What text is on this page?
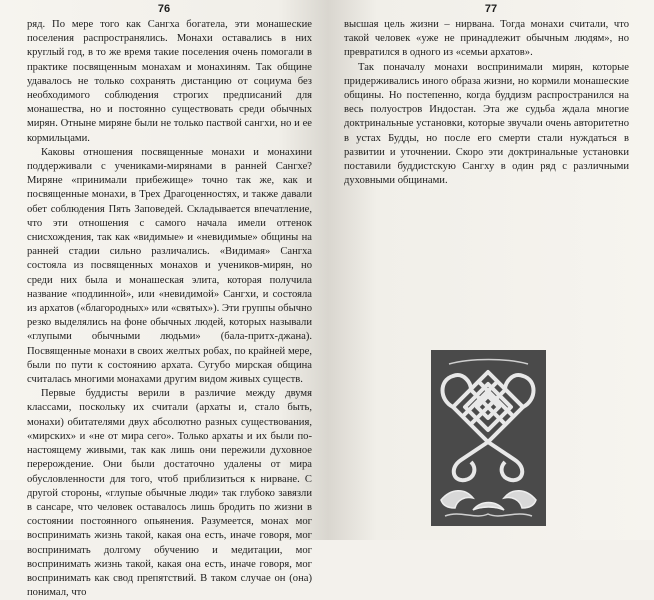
76

ряд. По мере того как Сангха богатела, эти монашеские поселения распространялись. Монахи оставались в них круглый год, в то же время такие поселения очень помогали в практике посвященным монахам и монахиням. Так общине удавалось не только сохранять дистанцию от социума без необходимого соблюдения строгих предписаний для монашества, но и постоянно существовать среди обычных мирян. Отныне миряне были не только паствой сангхи, но и ее кормильцами.

Каковы отношения посвященные монахи и монахини поддерживали с учениками-мирянами в ранней Сангхе? Миряне «принимали прибежище» точно так же, как и посвященные монахи, в Трех Драгоценностях, и также давали обет соблюдения Пять Заповедей. Складывается впечатление, что эти отношения с самого начала имели оттенок снисхождения, так как «видимые» и «невидимые» общины на ранней стадии сильно различались. «Видимая» Сангха состояла из посвященных монахов и учеников-мирян, но среди них была и монашеская элита, которая получила название «подлинной», или «невидимой» Сангхи, и состояла из архатов («благородных» или «святых»). Эти группы обычно резко выделялись на фоне обычных людей, которых называли «глупыми обычными людьми» (бала-притх-джана). Посвященные монахи в своих желтых робах, по крайней мере, были по пути к состоянию архата. Сугубо мирская община считалась многими монахами другим видом живых существ.

Первые буддисты верили в различие между двумя классами, поскольку их считали (архаты и, стало быть, монахи) обитателями двух абсолютно разных существования, «мирских» и «не от мира сего». Только архаты и их были по-настоящему живыми, так как лишь они пережили духовное перерождение. Они были достаточно удалены от мира обусловленности для того, чтоб приблизиться к нирване. С другой стороны, «глупые обычные люди» так глубоко завязли в сансаре, что человек оставалось лишь бродить по жизни в состоянии постоянного опьянения. Разумеется, монах мог воспринимать жизнь такой, какая она есть, иначе говоря, мог воспринимать долгому обучению и медитации, мог воспринимать жизнь такой, какая она есть, иначе говоря, мог воспринимать как свод препятствий. В таком случае он (она) понимал, что

77

высшая цель жизни – нирвана. Тогда монахи считали, что такой человек «уже не принадлежит обычным людям», но превратился в одного из «семьи архатов».

Так поначалу монахи воспринимали мирян, которые придерживались иного образа жизни, но кормили монашеские общины. Но постепенно, когда буддизм распространился на весь полуостров Индостан. Эта же судьба ждала многие доктринальные установки, которые звучали очень авторитетно в устах Будды, но после его смерти стали нуждаться в развитии и уточнении. Скоро эти доктринальные установки поставили буддистскую Сангху в один ряд с различными духовными общинами.
